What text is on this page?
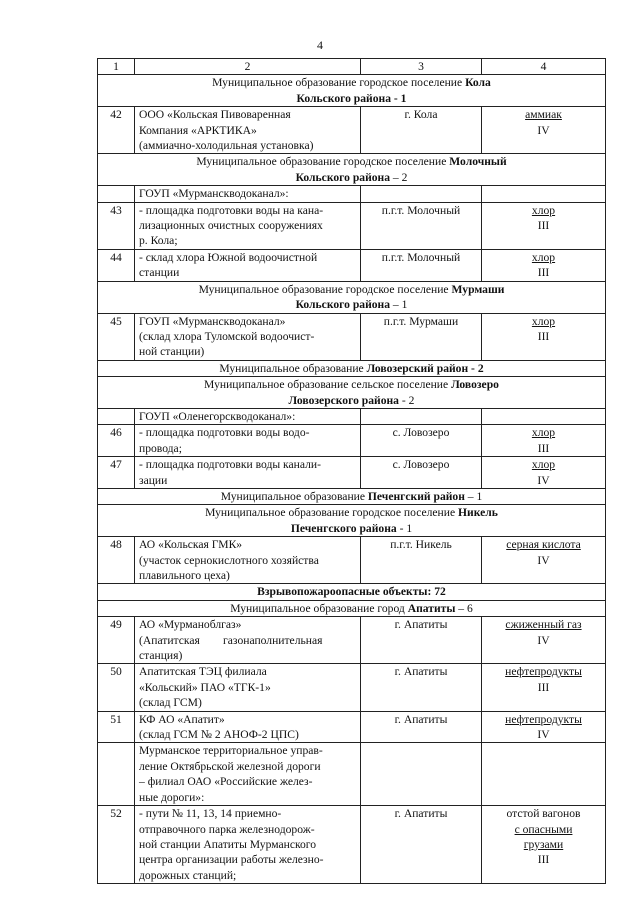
4
1	2	3	4
Муниципальное образование городское поселение Кола
Кольского района - 1			
42	ООО «Кольская Пивоваренная
Компания «АРКТИКА»
(аммиачно-холодильная установка)	г. Кола	аммиак
IV

Муниципальное образование городское поселение Молочный
Кольского района – 2			
	ГОУП «Мурманскводоканал»:		
43	- площадка подготовки воды на кана-
лизационных очистных сооружениях
р. Кола;	п.г.т. Молочный	хлор
III

44	- склад хлора Южной водоочистной
станции	п.г.т. Молочный	хлор
III

Муниципальное образование городское поселение Мурмаши
Кольского района – 1			
45	ГОУП «Мурманскводоканал»
(склад хлора Туломской водоочист-
ной станции)	п.г.т. Мурмаши	хлор
III

Муниципальное образование Ловозерский район - 2			
Муниципальное образование сельское поселение Ловозеро
Ловозерского района - 2			
	ГОУП «Оленегорскводоканал»:		
46	- площадка подготовки воды водо-
провода;	с. Ловозеро	хлор
III

47	- площадка подготовки воды канали-
зации	с. Ловозеро	хлор
IV

Муниципальное образование Печенгский район – 1			
Муниципальное образование городское поселение Никель
Печенгского района - 1			
48	АО «Кольская ГМК»
(участок сернокислотного хозяйства
плавильного цеха)	п.г.т. Никель	серная кислота
IV

Взрывопожароопасные объекты: 72			
Муниципальное образование город Апатиты – 6			
49	АО «Мурманоблгаз»
(Апатитская        газонаполнительная
станция)	г. Апатиты	сжиженный газ
IV

50	Апатитская ТЭЦ филиала
«Кольский» ПАО «ТГК-1»
(склад ГСМ)	г. Апатиты	нефтепродукты
III

51	КФ АО «Апатит»
(склад ГСМ № 2 АНОФ-2 ЦПС)	г. Апатиты	нефтепродукты
IV

	Мурманское территориальное управ-
ление Октябрьской железной дороги
– филиал ОАО «Российские желез-
ные дороги»:		

52	- пути № 11, 13, 14 приемно-
отправочного парка железнодорож-
ной станции Апатиты Мурманского
центра организации работы железно-
дорожных станций;	г. Апатиты	отстой вагонов
с опасными
грузами
III
